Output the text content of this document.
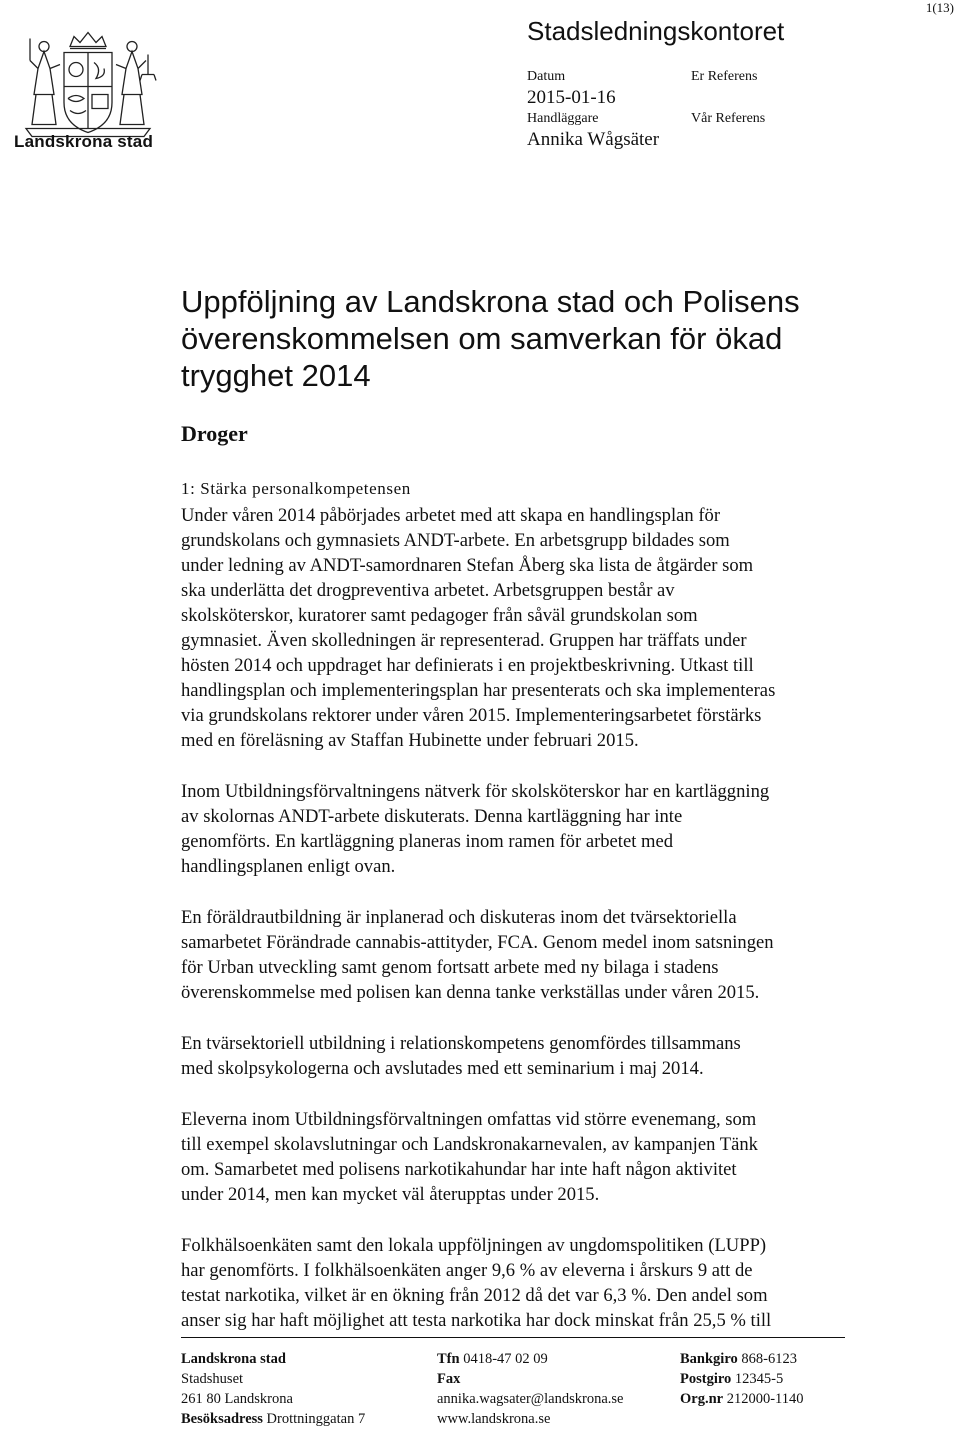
1(13)
Landskrona stad
Stadsledningskontoret
Datum
2015-01-16
Handläggare
Annika Wågsäter
Er Referens
Vår Referens
Uppföljning av Landskrona stad och Polisens
överenskommelsen om samverkan för ökad
trygghet 2014
Droger
1: Stärka personalkompetensen

Under våren 2014 påbörjades arbetet med att skapa en handlingsplan för
grundskolans och gymnasiets ANDT-arbete. En arbetsgrupp bildades som
under ledning av ANDT-samordnaren Stefan Åberg ska lista de åtgärder som
ska underlätta det drogpreventiva arbetet. Arbetsgruppen består av
skolsköterskor, kuratorer samt pedagoger från såväl grundskolan som
gymnasiet. Även skolledningen är representerad. Gruppen har träffats under
hösten 2014 och uppdraget har definierats i en projektbeskrivning. Utkast till
handlingsplan och implementeringsplan har presenterats och ska implementeras
via grundskolans rektorer under våren 2015. Implementeringsarbetet förstärks
med en föreläsning av Staffan Hubinette under februari 2015.

Inom Utbildningsförvaltningens nätverk för skolsköterskor har en kartläggning
av skolornas ANDT-arbete diskuterats. Denna kartläggning har inte
genomförts. En kartläggning planeras inom ramen för arbetet med
handlingsplanen enligt ovan.

En föräldrautbildning är inplanerad och diskuteras inom det tvärsektoriella
samarbetet Förändrade cannabis-attityder, FCA. Genom medel inom satsningen
för Urban utveckling samt genom fortsatt arbete med ny bilaga i stadens
överenskommelse med polisen kan denna tanke verkställas under våren 2015.

En tvärsektoriell utbildning i relationskompetens genomfördes tillsammans
med skolpsykologerna och avslutades med ett seminarium i maj 2014.

Eleverna inom Utbildningsförvaltningen omfattas vid större evenemang, som
till exempel skolavslutningar och Landskronakarnevalen, av kampanjen Tänk
om. Samarbetet med polisens narkotikahundar har inte haft någon aktivitet
under 2014, men kan mycket väl återupptas under 2015.

Folkhälsoenkäten samt den lokala uppföljningen av ungdomspolitiken (LUPP)
har genomförts. I folkhälsoenkäten anger 9,6 % av eleverna i årskurs 9 att de
testat narkotika, vilket är en ökning från 2012 då det var 6,3 %. Den andel som
anser sig har haft möjlighet att testa narkotika har dock minskat från 25,5 % till

Landskrona stad
Stadshuset
261 80 Landskrona
Besöksadress Drottninggatan 7
Tfn 0418-47 02 09
Fax
annika.wagsater@landskrona.se
www.landskrona.se
Bankgiro 868-6123
Postgiro 12345-5
Org.nr 212000-1140
